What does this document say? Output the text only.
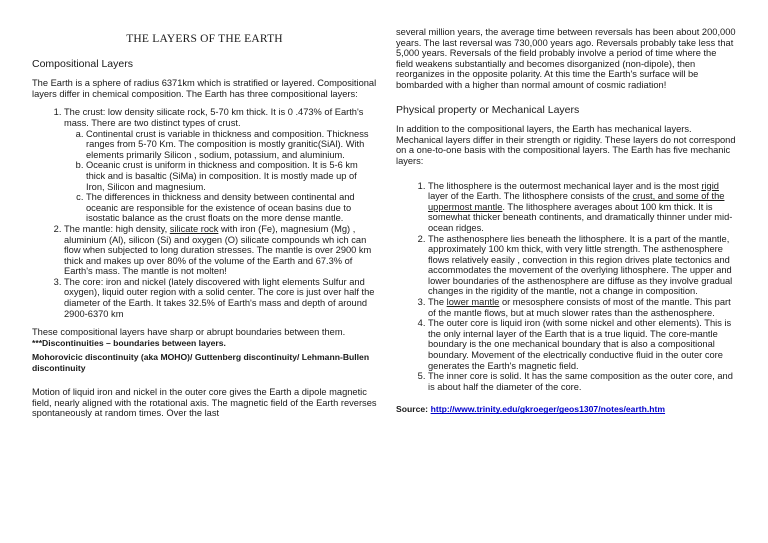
THE LAYERS OF THE EARTH
Compositional Layers

The Earth is a sphere of radius 6371km which is stratified or layered. Compositional layers differ in chemical composition. The Earth has three compositional layers:

1. The crust: low density silicate rock, 5-70 km thick. It is 0 .473% of Earth's mass. There are two distinct types of crust.
a. Continental crust is variable in thickness and composition. Thickness ranges from 5-70 Km. The composition is mostly granitic(SiAl). With elements primarily Silicon , sodium, potassium, and aluminium.
b. Oceanic crust is uniform in thickness and composition. It is 5-6 km thick and is basaltic (SiMa) in composition. It is mostly made up of Iron, Silicon and magnesium.
c. The differences in thickness and density between continental and oceanic are responsible for the existence of ocean basins due to isostatic balance as the crust floats on the more dense mantle.
2. The mantle: high density, silicate rock with iron (Fe), magnesium (Mg) , aluminium (Al), silicon (Si) and oxygen (O) silicate compounds wh ich can flow when subjected to long duration stresses. The mantle is over 2900 km thick and makes up over 80% of the volume of the Earth and 67.3% of Earth's mass. The mantle is not molten!
3. The core: iron and nickel (lately discovered with light elements Sulfur and oxygen), liquid outer region with a solid center. The core is just over half the diameter of the Earth. It takes 32.5% of Earth's mass and depth of around 2900-6370 km

These compositional layers have sharp or abrupt boundaries between them.
***Discontinuities – boundaries between layers.

Mohorovicic discontinuity (aka MOHO)/ Guttenberg discontinuity/ Lehmann-Bullen discontinuity

Motion of liquid iron and nickel in the outer core gives the Earth a dipole magnetic field, nearly aligned with the rotational axis. The magnetic field of the Earth reverses spontaneously at random times. Over the last

several million years, the average time between reversals has been about 200,000 years. The last reversal was 730,000 years ago. Reversals probably take less that 5,000 years. Reversals of the field probably involve a period of time where the field weakens substantially and becomes disorganized (non-dipole), then reorganizes in the opposite polarity. At this time the Earth's surface will be bombarded with a higher than normal amount of cosmic radiation!

Physical property or Mechanical Layers

In addition to the compositional layers, the Earth has mechanical layers. Mechanical layers differ in their strength or rigidity. These layers do not correspond on a one-to-one basis with the compositional layers. The Earth has five mechanic layers:

1. The lithosphere is the outermost mechanical layer and is the most rigid layer of the Earth. The lithosphere consists of the crust, and some of the uppermost mantle. The lithosphere averages about 100 km thick. It is somewhat thicker beneath continents, and dramatically thinner under mid-ocean ridges.
2. The asthenosphere lies beneath the lithosphere. It is a part of the mantle, approximately 100 km thick, with very little strength. The asthenosphere flows relatively easily , convection in this region drives plate tectonics and accommodates the movement of the overlying lithosphere. The upper and lower boundaries of the asthenosphere are diffuse as they involve gradual changes in the rigidity of the mantle, not a change in composition.
3. The lower mantle or mesosphere consists of most of the mantle. This part of the mantle flows, but at much slower rates than the asthenosphere.
4. The outer core is liquid iron (with some nickel and other elements). This is the only internal layer of the Earth that is a true liquid. The core-mantle boundary is the one mechanical boundary that is also a compositional boundary. Movement of the electrically conductive fluid in the outer core generates the Earth's magnetic field.
5. The inner core is solid. It has the same composition as the outer core, and is about half the diameter of the core.

Source: http://www.trinity.edu/gkroeger/geos1307/notes/earth.htm
